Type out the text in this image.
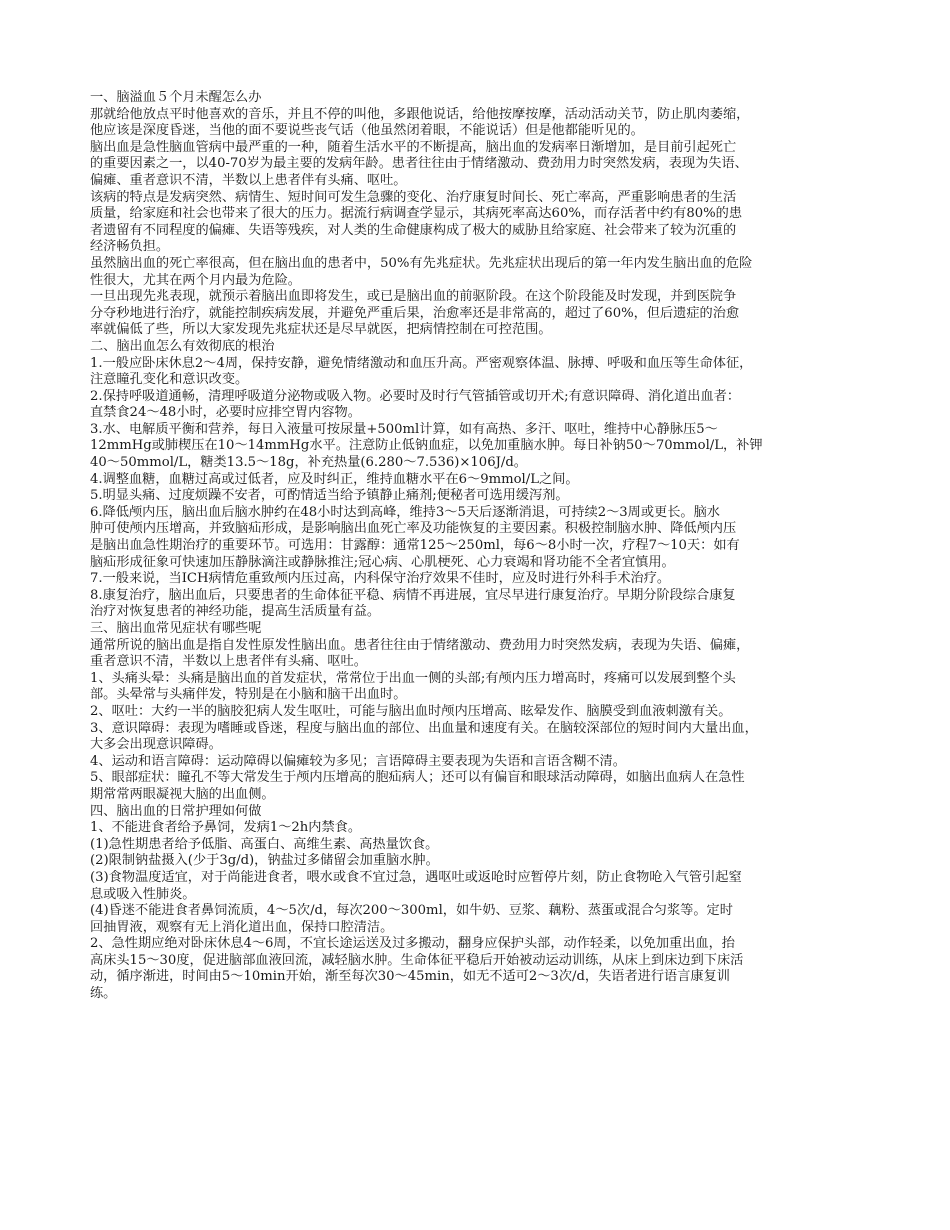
一、脑溢血５个月未醒怎么办
那就给他放点平时他喜欢的音乐，并且不停的叫他，多跟他说话，给他按摩按摩，活动活动关节，防止肌肉萎缩，
他应该是深度昏迷，当他的面不要说些丧气话（他虽然闭着眼，不能说话）但是他都能听见的。
脑出血是急性脑血管病中最严重的一种，随着生活水平的不断提高，脑出血的发病率日渐增加，是目前引起死亡
的重要因素之一，以40-70岁为最主要的发病年龄。患者往往由于情绪激动、费劲用力时突然发病，表现为失语、
偏瘫、重者意识不清，半数以上患者伴有头痛、呕吐。
该病的特点是发病突然、病情生、短时间可发生急骤的变化、治疗康复时间长、死亡率高，严重影响患者的生活
质量，给家庭和社会也带来了很大的压力。据流行病调查学显示，其病死率高达60%，而存活者中约有80%的患
者遗留有不同程度的偏瘫、失语等残疾，对人类的生命健康构成了极大的威胁且给家庭、社会带来了较为沉重的
经济畅负担。
虽然脑出血的死亡率很高，但在脑出血的患者中，50%有先兆症状。先兆症状出现后的第一年内发生脑出血的危险
性很大，尤其在两个月内最为危险。
一旦出现先兆表现，就预示着脑出血即将发生，或已是脑出血的前驱阶段。在这个阶段能及时发现，并到医院争
分夺秒地进行治疗，就能控制疾病发展，并避免严重后果，治愈率还是非常高的，超过了60%，但后遗症的治愈
率就偏低了些，所以大家发现先兆症状还是尽早就医，把病情控制在可控范围。
二、脑出血怎么有效彻底的根治
1.一般应卧床休息2～4周，保持安静，避免情绪激动和血压升高。严密观察体温、脉搏、呼吸和血压等生命体征，
注意瞳孔变化和意识改变。
2.保持呼吸道通畅，清理呼吸道分泌物或吸入物。必要时及时行气管插管或切开术;有意识障碍、消化道出血者：
直禁食24～48小时，必要时应排空胃内容物。
3.水、电解质平衡和营养，每日入液量可按尿量+500ml计算，如有高热、多汗、呕吐，维持中心静脉压5～
12mmHg或肺楔压在10～14mmHg水平。注意防止低钠血症，以免加重脑水肿。每日补钠50～70mmol/L，补钾
40～50mmol/L，糖类13.5～18g，补充热量(6.280～7.536)×106J/d。
4.调整血糖，血糖过高或过低者，应及时纠正，维持血糖水平在6～9mmol/L之间。
5.明显头痛、过度烦躁不安者，可酌情适当给予镇静止痛剂;便秘者可选用缓泻剂。
6.降低颅内压，脑出血后脑水肿约在48小时达到高峰，维持3～5天后逐渐消退，可持续2～3周或更长。脑水
肿可使颅内压增高，并致脑疝形成，是影响脑出血死亡率及功能恢复的主要因素。积极控制脑水肿、降低颅内压
是脑出血急性期治疗的重要环节。可选用：甘露醇：通常125～250ml，每6～8小时一次，疗程7～10天：如有
脑疝形成征象可快速加压静脉滴注或静脉推注;冠心病、心肌梗死、心力衰竭和肾功能不全者宜慎用。
7.一般来说，当ICH病情危重致颅内压过高，内科保守治疗效果不佳时，应及时进行外科手术治疗。
8.康复治疗，脑出血后，只要患者的生命体征平稳、病情不再进展，宜尽早进行康复治疗。早期分阶段综合康复
治疗对恢复患者的神经功能，提高生活质量有益。
三、脑出血常见症状有哪些呢
通常所说的脑出血是指自发性原发性脑出血。患者往往由于情绪激动、费劲用力时突然发病，表现为失语、偏瘫，
重者意识不清，半数以上患者伴有头痛、呕吐。
1、头痛头晕：头痛是脑出血的首发症状，常常位于出血一侧的头部;有颅内压力增高时，疼痛可以发展到整个头
部。头晕常与头痛伴发，特别是在小脑和脑干出血时。
2、呕吐：大约一半的脑胶犯病人发生呕吐，可能与脑出血时颅内压增高、眩晕发作、脑膜受到血液刺激有关。
3、意识障碍：表现为嗜睡或昏迷，程度与脑出血的部位、出血量和速度有关。在脑较深部位的短时间内大量出血，
大多会出现意识障碍。
4、运动和语言障碍：运动障碍以偏瘫较为多见；言语障碍主要表现为失语和言语含糊不清。
5、眼部症状：瞳孔不等大常发生于颅内压增高的胞疝病人；还可以有偏盲和眼球活动障碍，如脑出血病人在急性
期常常两眼凝视大脑的出血侧。
四、脑出血的日常护理如何做
1、不能进食者给予鼻饲，发病1～2h内禁食。
(1)急性期患者给予低脂、高蛋白、高维生素、高热量饮食。
(2)限制钠盐摄入(少于3g/d)，钠盐过多储留会加重脑水肿。
(3)食物温度适宜，对于尚能进食者，喂水或食不宜过急，遇呕吐或返呛时应暂停片刻，防止食物呛入气管引起窒
息或吸入性肺炎。
(4)昏迷不能进食者鼻饲流质，4～5次/d，每次200～300ml，如牛奶、豆浆、藕粉、蒸蛋或混合匀浆等。定时
回抽胃液，观察有无上消化道出血，保持口腔清洁。
2、急性期应绝对卧床休息4～6周，不宜长途运送及过多搬动，翻身应保护头部，动作轻柔，以免加重出血，抬
高床头15～30度，促进脑部血液回流，减轻脑水肿。生命体征平稳后开始被动运动训练，从床上到床边到下床活
动，循序渐进，时间由5～10min开始，渐至每次30～45min，如无不适可2～3次/d，失语者进行语言康复训
练。
